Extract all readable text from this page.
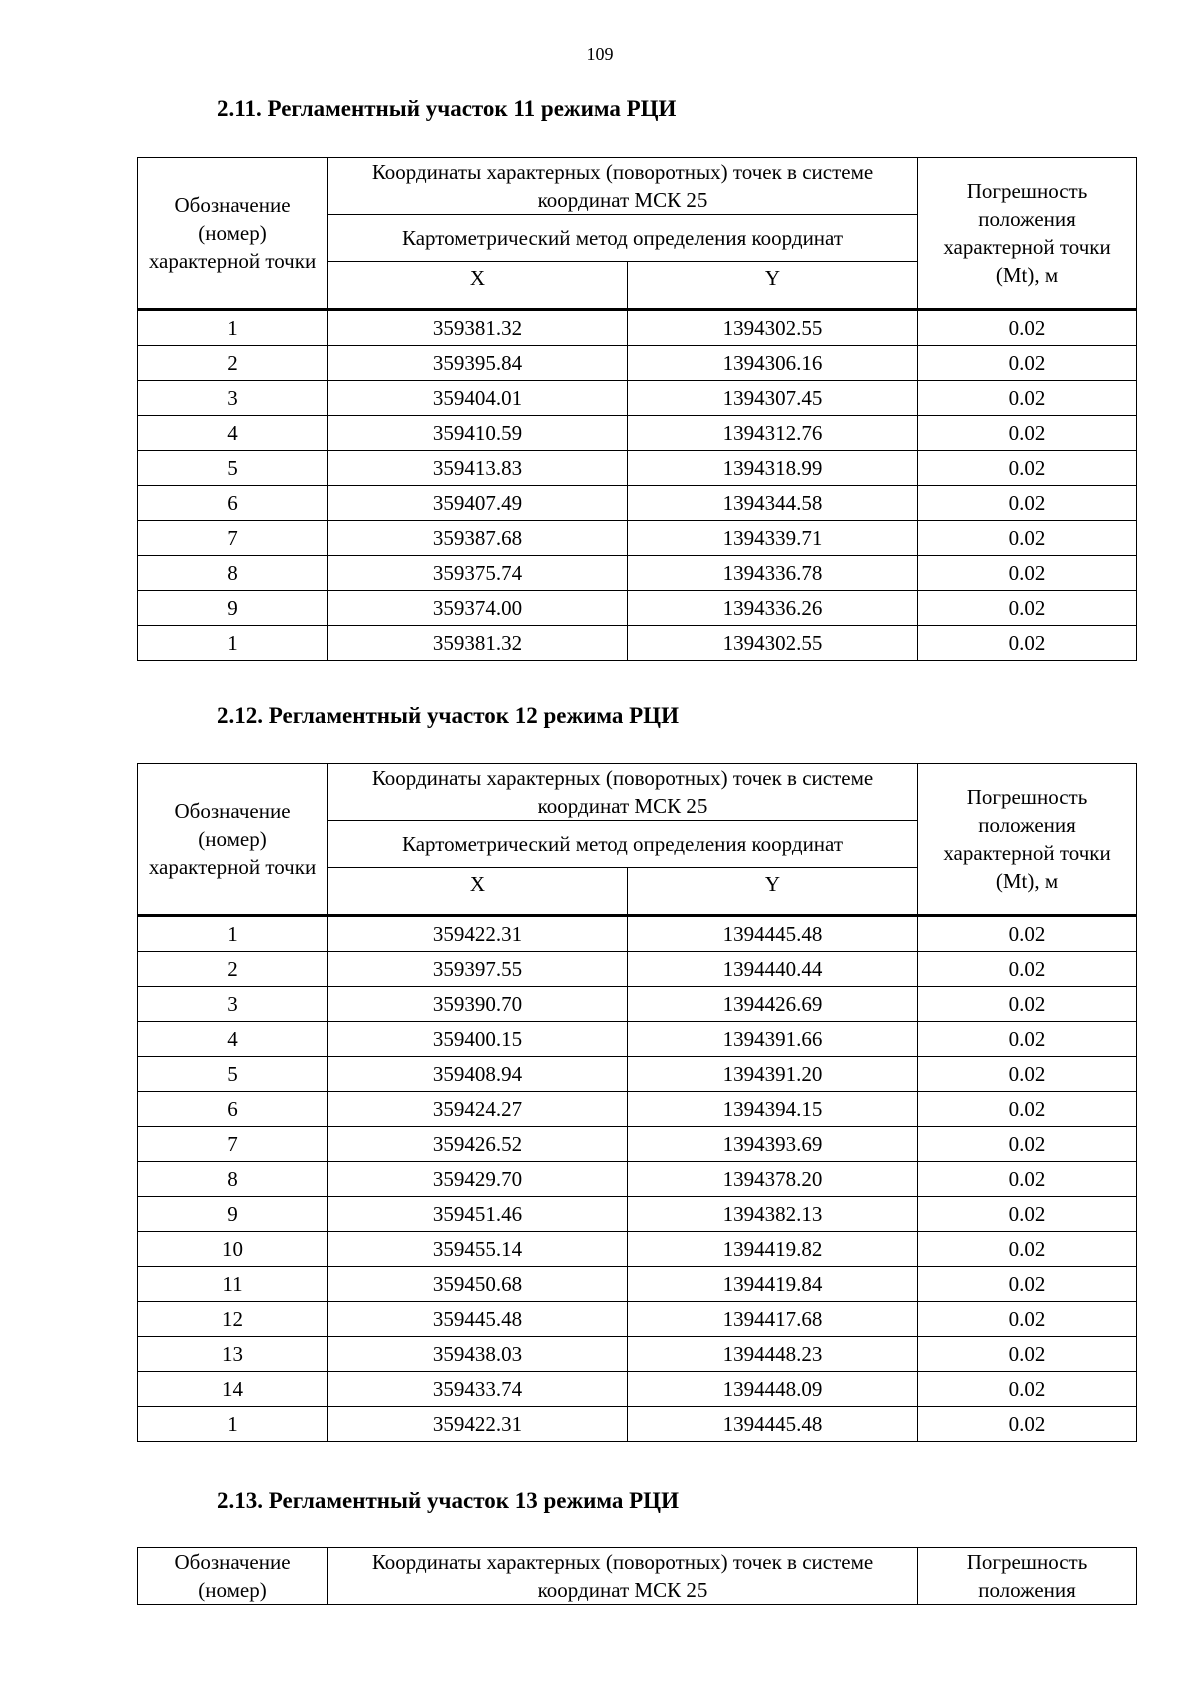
109
2.11. Регламентный участок 11 режима РЦИ
Обозначение (номер) характерной точки	Координаты характерных (поворотных) точек в системе координат МСК 25		Погрешность положения характерной точки (Mt), м
	Картометрический метод определения координат		
	X	Y	
1	359381.32	1394302.55	0.02
2	359395.84	1394306.16	0.02
3	359404.01	1394307.45	0.02
4	359410.59	1394312.76	0.02
5	359413.83	1394318.99	0.02
6	359407.49	1394344.58	0.02
7	359387.68	1394339.71	0.02
8	359375.74	1394336.78	0.02
9	359374.00	1394336.26	0.02
1	359381.32	1394302.55	0.02
2.12. Регламентный участок 12 режима РЦИ
Обозначение (номер) характерной точки	Координаты характерных (поворотных) точек в системе координат МСК 25		Погрешность положения характерной точки (Mt), м
	Картометрический метод определения координат		
	X	Y	
1	359422.31	1394445.48	0.02
2	359397.55	1394440.44	0.02
3	359390.70	1394426.69	0.02
4	359400.15	1394391.66	0.02
5	359408.94	1394391.20	0.02
6	359424.27	1394394.15	0.02
7	359426.52	1394393.69	0.02
8	359429.70	1394378.20	0.02
9	359451.46	1394382.13	0.02
10	359455.14	1394419.82	0.02
11	359450.68	1394419.84	0.02
12	359445.48	1394417.68	0.02
13	359438.03	1394448.23	0.02
14	359433.74	1394448.09	0.02
1	359422.31	1394445.48	0.02
2.13. Регламентный участок 13 режима РЦИ
Обозначение (номер)	Координаты характерных (поворотных) точек в системе координат МСК 25	Погрешность положения
